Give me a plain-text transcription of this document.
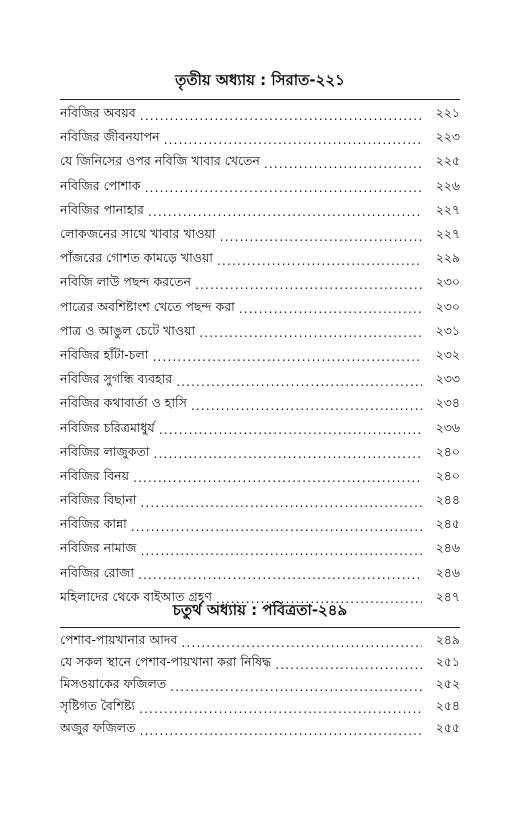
তৃতীয় অধ্যায় : সিরাত-২২১
নবিজির অবয়ব .....	২২১
নবিজির জীবনযাপন .....	২২৩
যে জিনিসের ওপর নবিজি খাবার খেতেন .....	২২৫
নবিজির পোশাক .....	২২৬
নবিজির পানাহার .....	২২৭
লোকজনের সাথে খাবার খাওয়া .....	২২৭
পাঁজরের গোশত কামড়ে খাওয়া .....	২২৯
নবিজি লাউ পছন্দ করতেন .....	২৩০
পাত্রের অবশিষ্টাংশ খেতে পছন্দ করা .....	২৩০
পাত্র ও আঙুল চেটে খাওয়া .....	২৩১
নবিজির হাঁটা-চলা .....	২৩২
নবিজির সুগন্ধি ব্যবহার .....	২৩৩
নবিজির কথাবার্তা ও হাসি .....	২৩৪
নবিজির চরিত্রমাধুর্য .....	২৩৬
নবিজির লাজুকতা .....	২৪০
নবিজির বিনয় .....	২৪০
নবিজির বিছানা .....	২৪৪
নবিজির কান্না .....	২৪৫
নবিজির নামাজ .....	২৪৬
নবিজির রোজা .....	২৪৬
মহিলাদের থেকে বাইআত গ্রহণ .....	২৪৭
চতুর্থ অধ্যায় : পবিত্রতা-২৪৯
পেশাব-পায়খানার আদব .....	২৪৯
যে সকল স্থানে পেশাব-পায়খানা করা নিষিদ্ধ .....	২৫১
মিসওয়াকের ফজিলত .....	২৫২
সৃষ্টিগত বৈশিষ্ট্য .....	২৫৪
অজুর ফজিলত .....	২৫৫
